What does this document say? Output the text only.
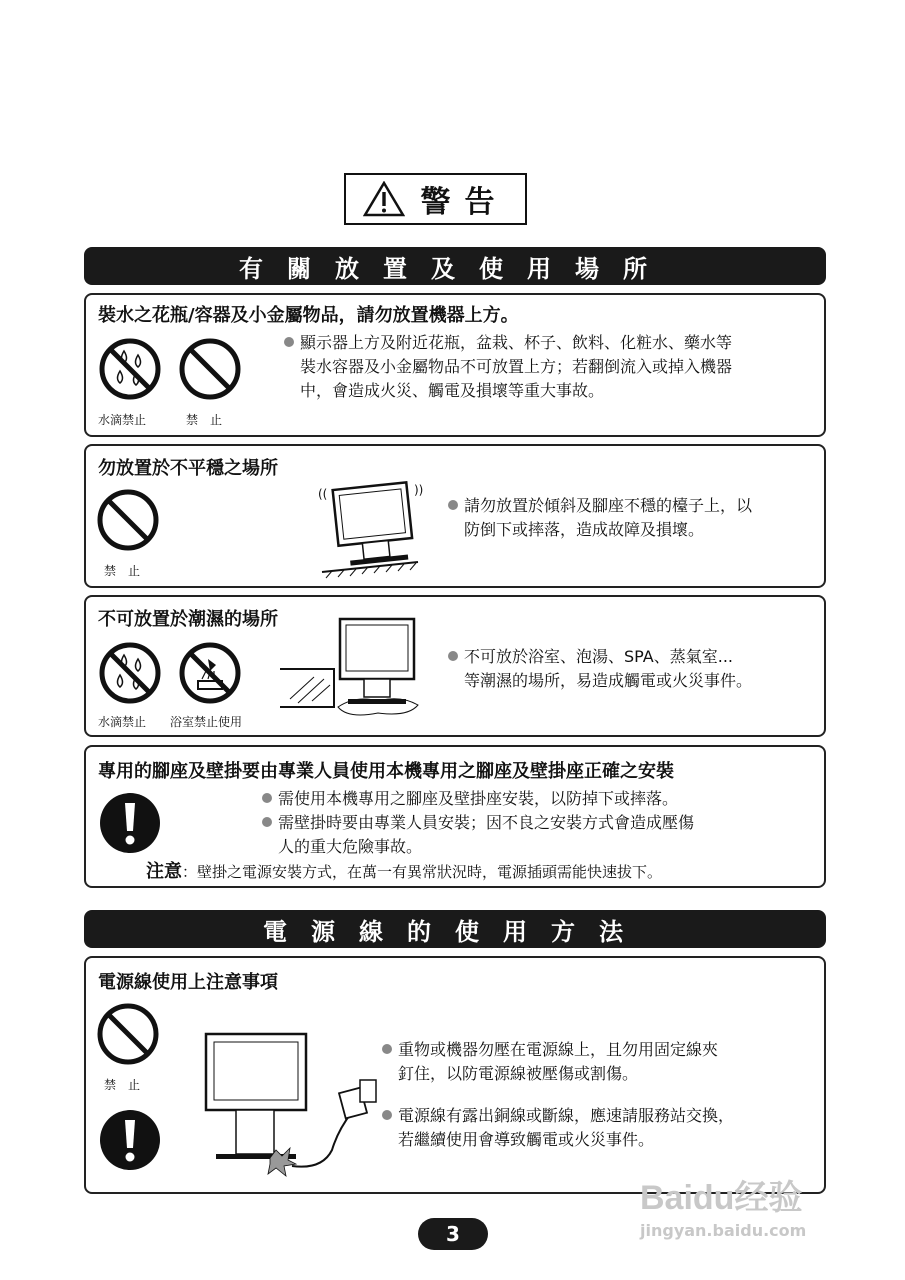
警告
有關放置及使用場所
裝水之花瓶/容器及小金屬物品，請勿放置機器上方。
水滴禁止	禁　止
顯示器上方及附近花瓶，盆栽、杯子、飲料、化粧水、藥水等
裝水容器及小金屬物品不可放置上方；若翻倒流入或掉入機器
中，會造成火災、觸電及損壞等重大事故。
勿放置於不平穩之場所
禁　止
((	))
請勿放置於傾斜及腳座不穩的檯子上，以
防倒下或摔落，造成故障及損壞。
不可放置於潮濕的場所
水滴禁止 浴室禁止使用
不可放於浴室、泡湯、SPA、蒸氣室...
等潮濕的場所，易造成觸電或火災事件。
專用的腳座及壁掛要由專業人員使用本機專用之腳座及壁掛座正確之安裝
需使用本機專用之腳座及壁掛座安裝，以防掉下或摔落。
需壁掛時要由專業人員安裝；因不良之安裝方式會造成壓傷
人的重大危險事故。
注意：壁掛之電源安裝方式，在萬一有異常狀況時，電源插頭需能快速拔下。
電源線的使用方法
電源線使用上注意事項
禁　止
重物或機器勿壓在電源線上，且勿用固定線夾
釘住，以防電源線被壓傷或割傷。
電源線有露出銅線或斷線，應速請服務站交換，
若繼續使用會導致觸電或火災事件。
Baidu经验
jingyan.baidu.com
3
